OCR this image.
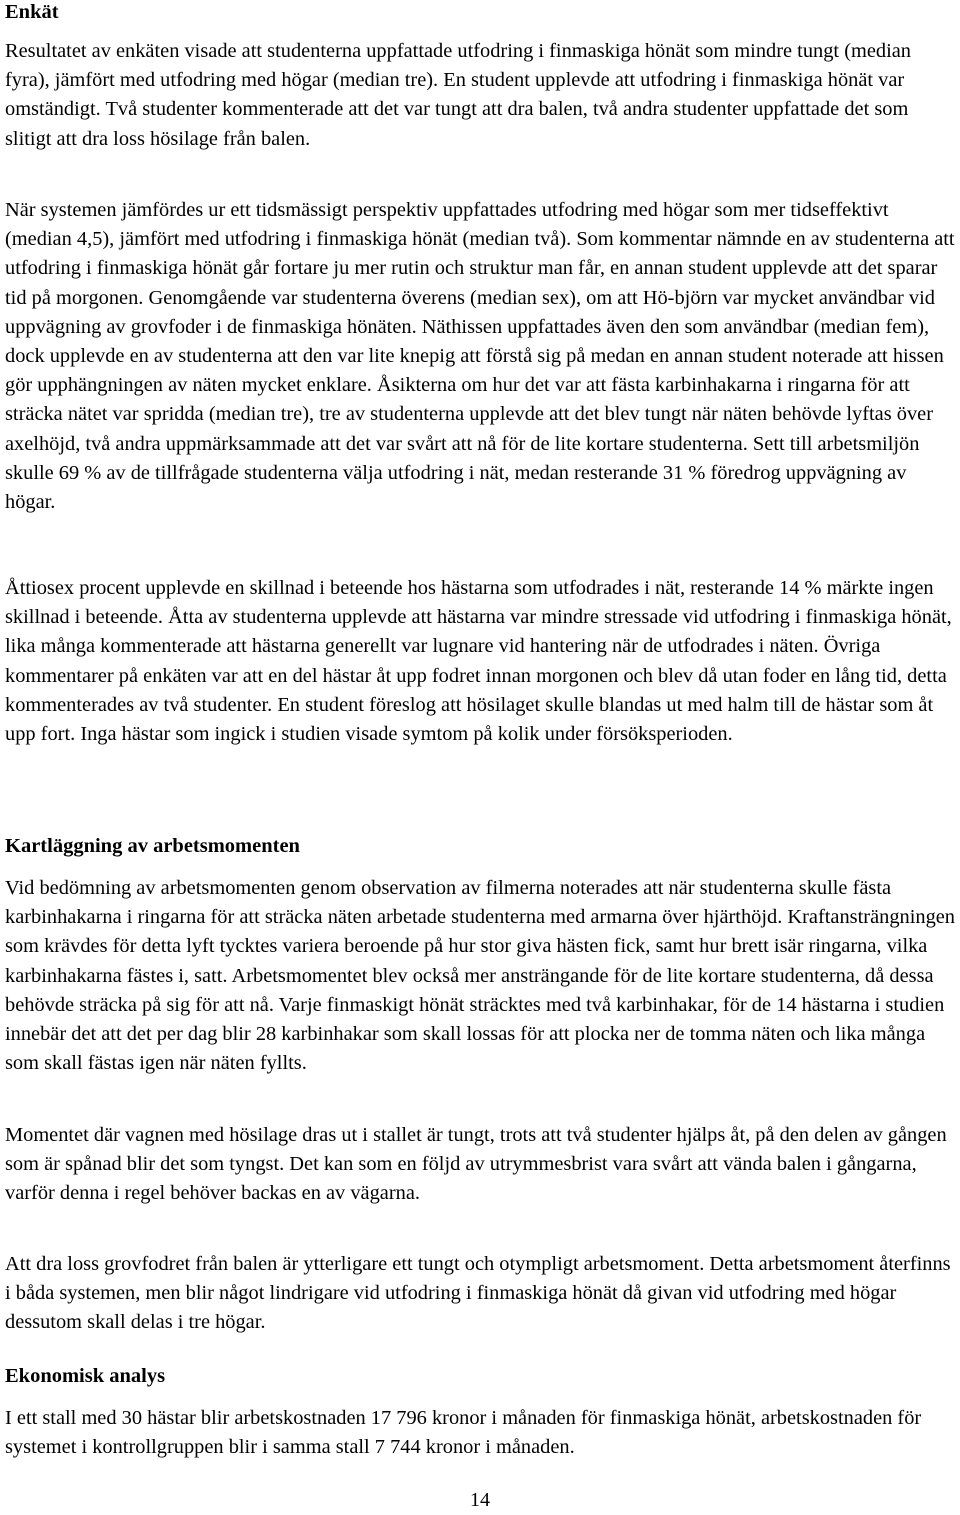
Enkät

Resultatet av enkäten visade att studenterna uppfattade utfodring i finmaskiga hönät som mindre tungt (median fyra), jämfört med utfodring med högar (median tre). En student upplevde att utfodring i finmaskiga hönät var omständigt. Två studenter kommenterade att det var tungt att dra balen, två andra studenter uppfattade det som slitigt att dra loss hösilage från balen.

När systemen jämfördes ur ett tidsmässigt perspektiv uppfattades utfodring med högar som mer tidseffektivt (median 4,5), jämfört med utfodring i finmaskiga hönät (median två). Som kommentar nämnde en av studenterna att utfodring i finmaskiga hönät går fortare ju mer rutin och struktur man får, en annan student upplevde att det sparar tid på morgonen. Genomgående var studenterna överens (median sex), om att Hö-björn var mycket användbar vid uppvägning av grovfoder i de finmaskiga hönäten. Näthissen uppfattades även den som användbar (median fem), dock upplevde en av studenterna att den var lite knepig att förstå sig på medan en annan student noterade att hissen gör upphängningen av näten mycket enklare. Åsikterna om hur det var att fästa karbinhakarna i ringarna för att sträcka nätet var spridda (median tre), tre av studenterna upplevde att det blev tungt när näten behövde lyftas över axelhöjd, två andra uppmärksammade att det var svårt att nå för de lite kortare studenterna. Sett till arbetsmiljön skulle 69 % av de tillfrågade studenterna välja utfodring i nät, medan resterande 31 % föredrog uppvägning av högar.

Åttiosex procent upplevde en skillnad i beteende hos hästarna som utfodrades i nät, resterande 14 % märkte ingen skillnad i beteende. Åtta av studenterna upplevde att hästarna var mindre stressade vid utfodring i finmaskiga hönät, lika många kommenterade att hästarna generellt var lugnare vid hantering när de utfodrades i näten. Övriga kommentarer på enkäten var att en del hästar åt upp fodret innan morgonen och blev då utan foder en lång tid, detta kommenterades av två studenter. En student föreslog att hösilaget skulle blandas ut med halm till de hästar som åt upp fort. Inga hästar som ingick i studien visade symtom på kolik under försöksperioden.

Kartläggning av arbetsmomenten

Vid bedömning av arbetsmomenten genom observation av filmerna noterades att när studenterna skulle fästa karbinhakarna i ringarna för att sträcka näten arbetade studenterna med armarna över hjärthöjd. Kraftansträngningen som krävdes för detta lyft tycktes variera beroende på hur stor giva hästen fick, samt hur brett isär ringarna, vilka karbinhakarna fästes i, satt. Arbetsmomentet blev också mer ansträngande för de lite kortare studenterna, då dessa behövde sträcka på sig för att nå. Varje finmaskigt hönät sträcktes med två karbinhakar, för de 14 hästarna i studien innebär det att det per dag blir 28 karbinhakar som skall lossas för att plocka ner de tomma näten och lika många som skall fästas igen när näten fyllts.

Momentet där vagnen med hösilage dras ut i stallet är tungt, trots att två studenter hjälps åt, på den delen av gången som är spånad blir det som tyngst. Det kan som en följd av utrymmesbrist vara svårt att vända balen i gångarna, varför denna i regel behöver backas en av vägarna.

Att dra loss grovfodret från balen är ytterligare ett tungt och otympligt arbetsmoment. Detta arbetsmoment återfinns i båda systemen, men blir något lindrigare vid utfodring i finmaskiga hönät då givan vid utfodring med högar dessutom skall delas i tre högar.

Ekonomisk analys

I ett stall med 30 hästar blir arbetskostnaden 17 796 kronor i månaden för finmaskiga hönät, arbetskostnaden för systemet i kontrollgruppen blir i samma stall 7 744 kronor i månaden.

14
